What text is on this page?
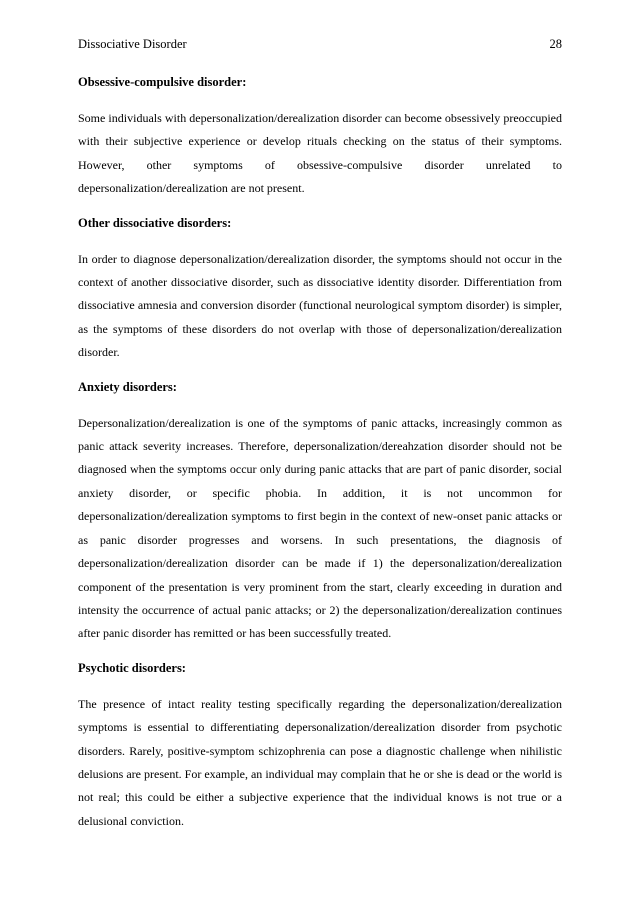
Dissociative Disorder	28

Obsessive-compulsive disorder:

Some individuals with depersonalization/derealization disorder can become obsessively preoccupied with their subjective experience or develop rituals checking on the status of their symptoms. However, other symptoms of obsessive-compulsive disorder unrelated to depersonalization/derealization are not present.

Other dissociative disorders:

In order to diagnose depersonalization/derealization disorder, the symptoms should not occur in the context of another dissociative disorder, such as dissociative identity disorder. Differentiation from dissociative amnesia and conversion disorder (functional neurological symptom disorder) is simpler, as the symptoms of these disorders do not overlap with those of depersonalization/derealization disorder.

Anxiety disorders:

Depersonalization/derealization is one of the symptoms of panic attacks, increasingly common as panic attack severity increases. Therefore, depersonalization/dereahzation disorder should not be diagnosed when the symptoms occur only during panic attacks that are part of panic disorder, social anxiety disorder, or specific phobia. In addition, it is not uncommon for depersonalization/derealization symptoms to first begin in the context of new-onset panic attacks or as panic disorder progresses and worsens. In such presentations, the diagnosis of depersonalization/derealization disorder can be made if 1) the depersonalization/derealization component of the presentation is very prominent from the start, clearly exceeding in duration and intensity the occurrence of actual panic attacks; or 2) the depersonalization/derealization continues after panic disorder has remitted or has been successfully treated.

Psychotic disorders:

The presence of intact reality testing specifically regarding the depersonalization/derealization symptoms is essential to differentiating depersonalization/derealization disorder from psychotic disorders. Rarely, positive-symptom schizophrenia can pose a diagnostic challenge when nihilistic delusions are present. For example, an individual may complain that he or she is dead or the world is not real; this could be either a subjective experience that the individual knows is not true or a delusional conviction.
